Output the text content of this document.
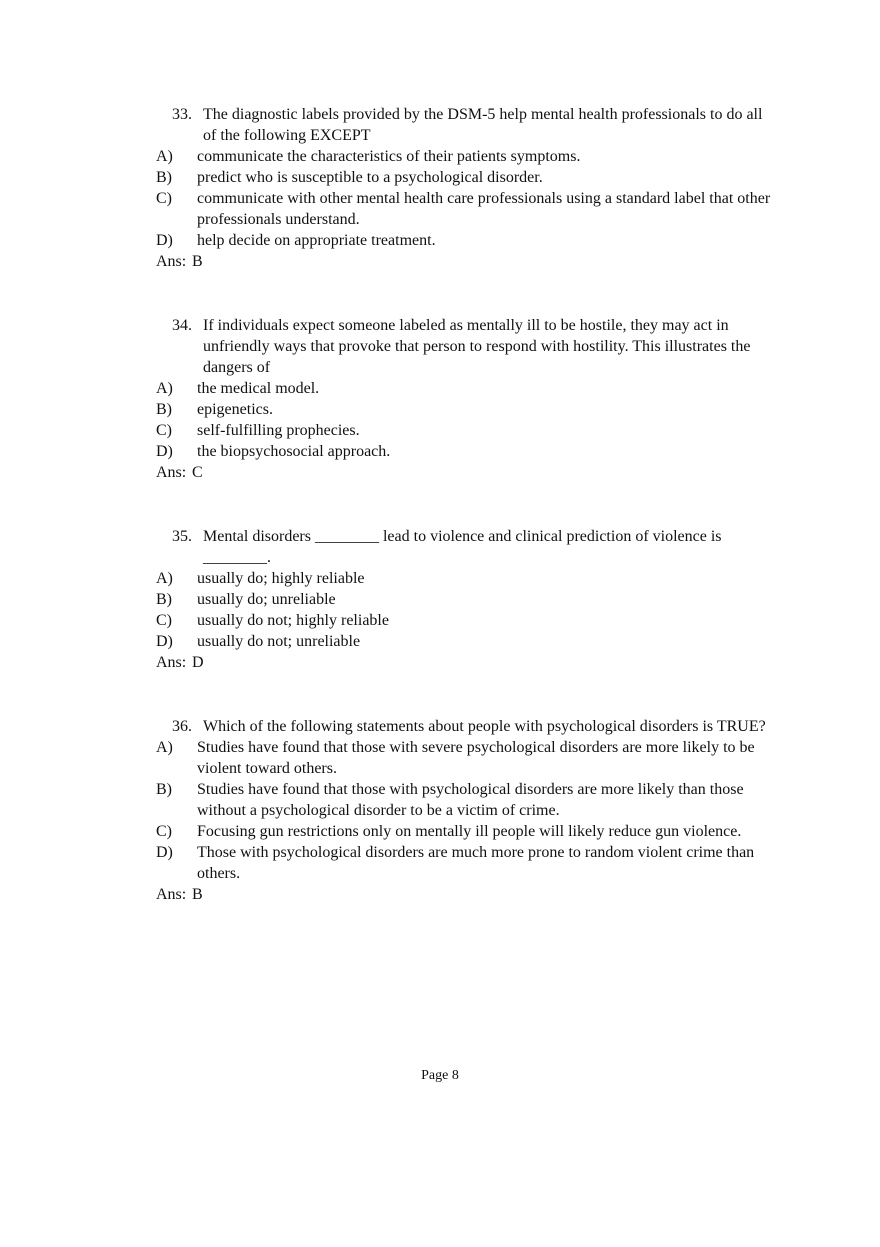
33. The diagnostic labels provided by the DSM-5 help mental health professionals to do all of the following EXCEPT
A)	communicate the characteristics of their patients symptoms.
B)	predict who is susceptible to a psychological disorder.
C)	communicate with other mental health care professionals using a standard label that other professionals understand.
D)	help decide on appropriate treatment.
Ans: B
34. If individuals expect someone labeled as mentally ill to be hostile, they may act in unfriendly ways that provoke that person to respond with hostility. This illustrates the dangers of
A)	the medical model.
B)	epigenetics.
C)	self-fulfilling prophecies.
D)	the biopsychosocial approach.
Ans: C
35. Mental disorders ________ lead to violence and clinical prediction of violence is ________.
A)	usually do; highly reliable
B)	usually do; unreliable
C)	usually do not; highly reliable
D)	usually do not; unreliable
Ans: D
36. Which of the following statements about people with psychological disorders is TRUE?
A)	Studies have found that those with severe psychological disorders are more likely to be violent toward others.
B)	Studies have found that those with psychological disorders are more likely than those without a psychological disorder to be a victim of crime.
C)	Focusing gun restrictions only on mentally ill people will likely reduce gun violence.
D)	Those with psychological disorders are much more prone to random violent crime than others.
Ans: B
Page 8
